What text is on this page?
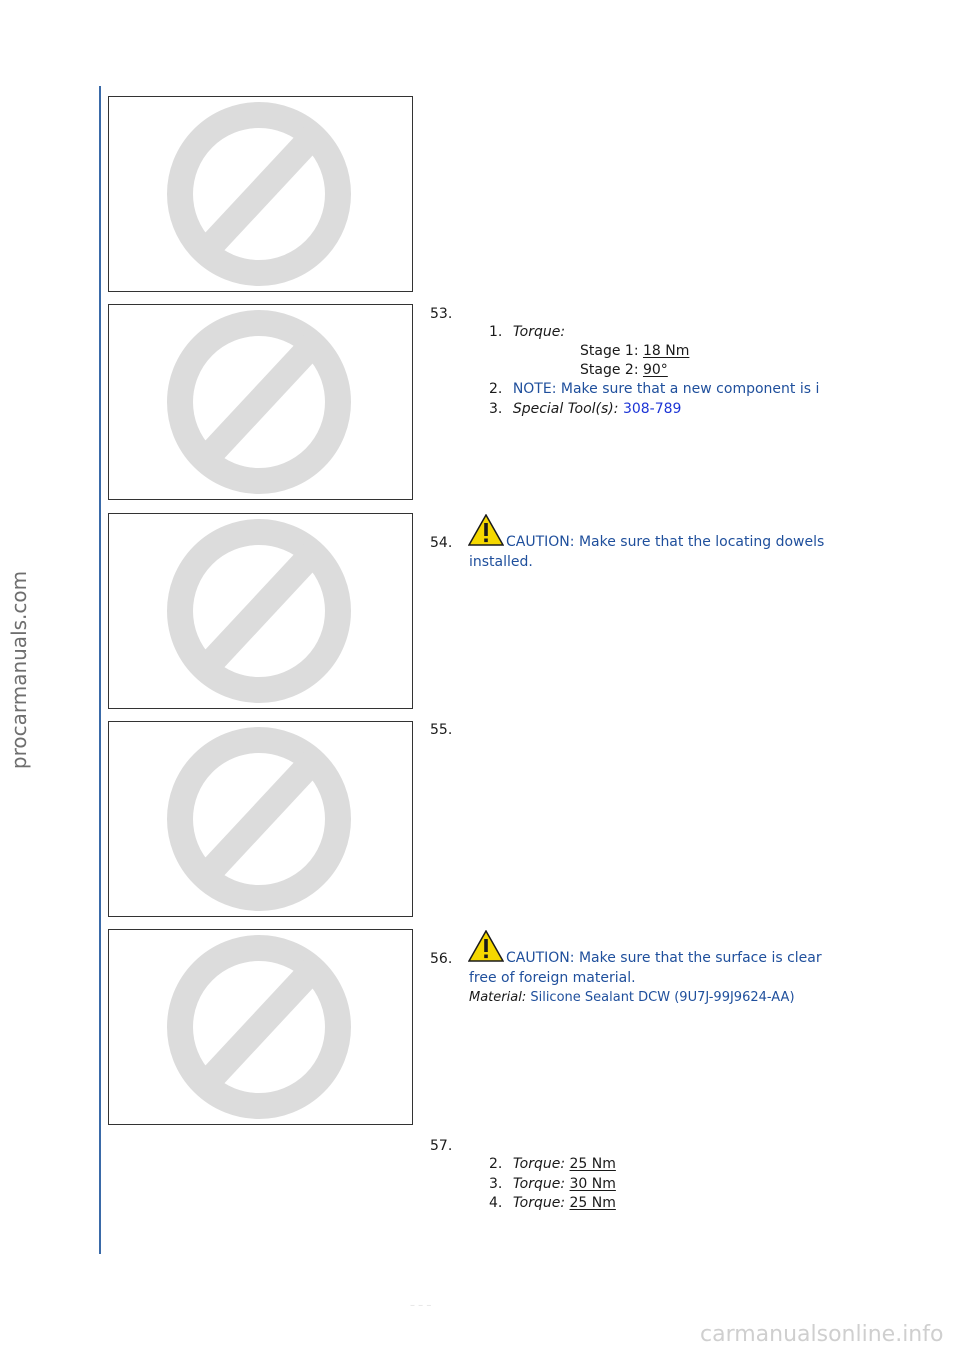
procarmanuals.com
53.
1. Torque:
Stage 1: 18 Nm
Stage 2: 90°
2. NOTE: Make sure that a new component is i
3. Special Tool(s): 308-789
54.	CAUTION: Make sure that the locating dowels
installed.
55.
56.	CAUTION: Make sure that the surface is clear
free of foreign material.
Material: Silicone Sealant DCW (9U7J-99J9624-AA)
57.
2. Torque: 25 Nm
3. Torque: 30 Nm
4. Torque: 25 Nm
– – –
carmanualsonline.info
